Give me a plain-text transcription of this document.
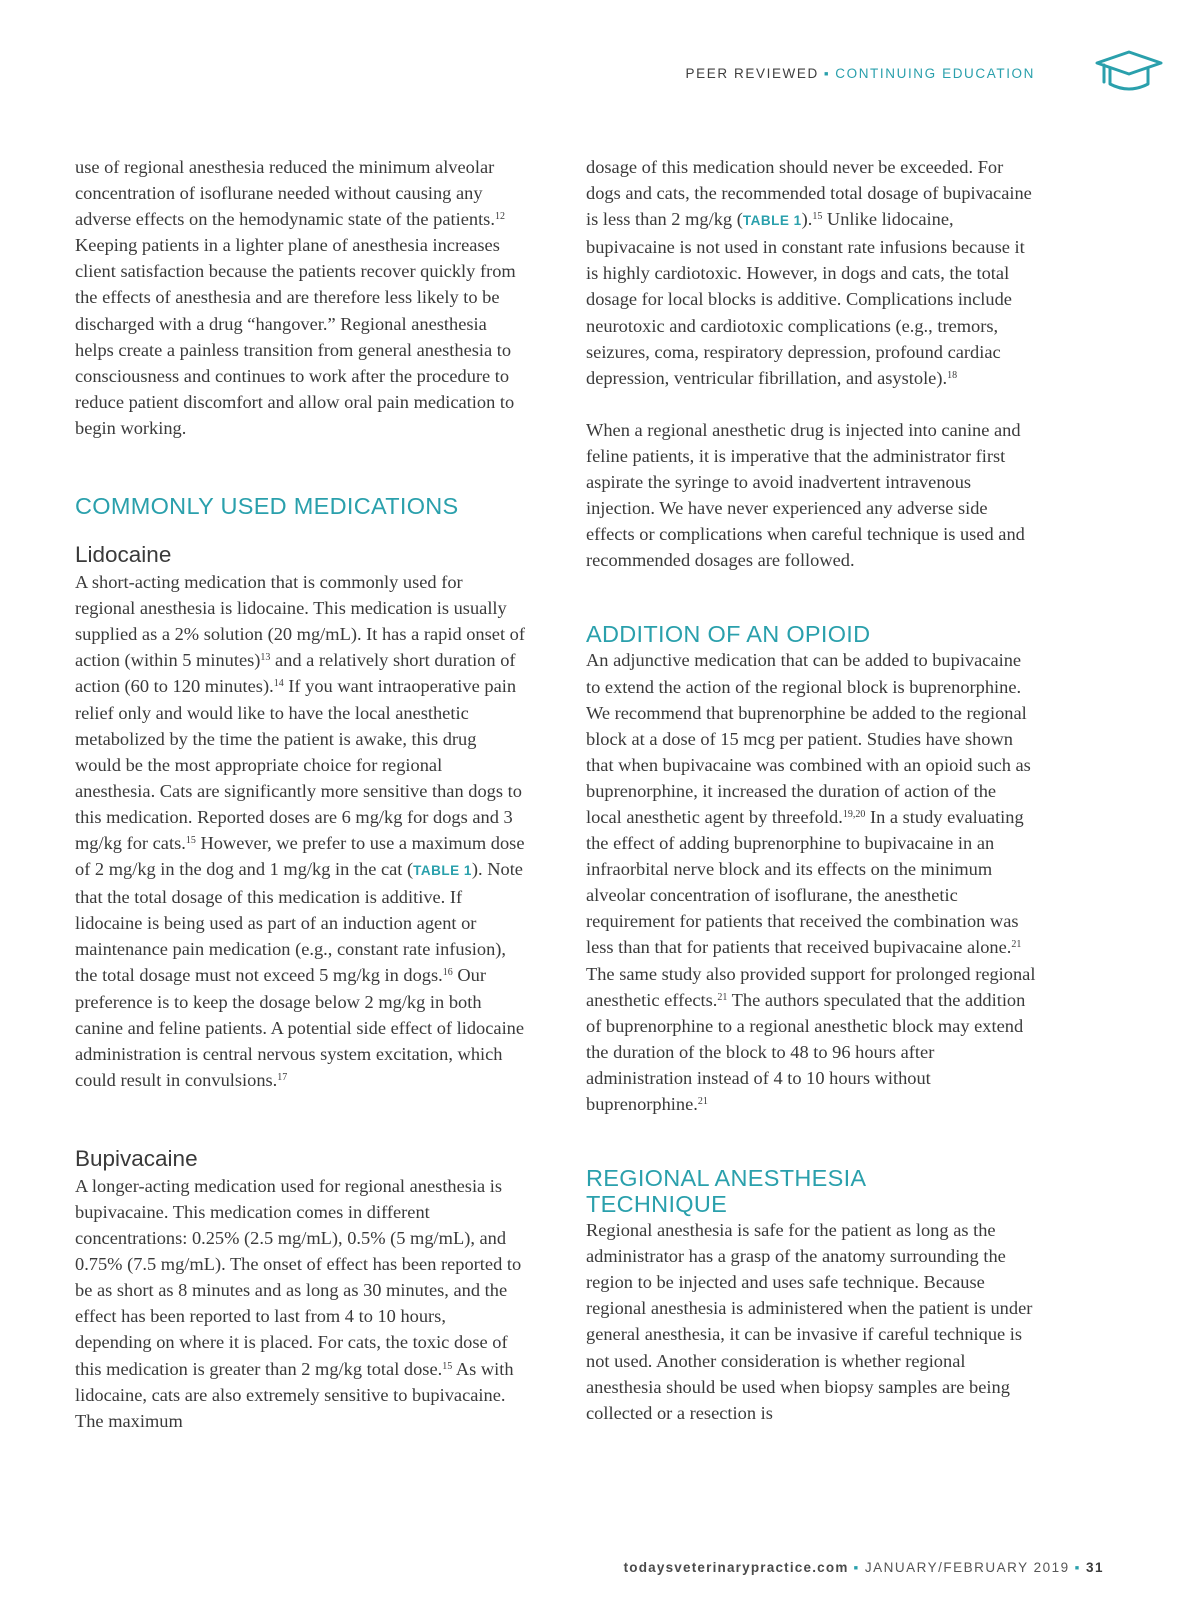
PEER REVIEWED ▪ CONTINUING EDUCATION

use of regional anesthesia reduced the minimum alveolar concentration of isoflurane needed without causing any adverse effects on the hemodynamic state of the patients.$^{12}$ Keeping patients in a lighter plane of anesthesia increases client satisfaction because the patients recover quickly from the effects of anesthesia and are therefore less likely to be discharged with a drug “hangover.” Regional anesthesia helps create a painless transition from general anesthesia to consciousness and continues to work after the procedure to reduce patient discomfort and allow oral pain medication to begin working.

COMMONLY USED MEDICATIONS
Lidocaine

A short-acting medication that is commonly used for regional anesthesia is lidocaine. This medication is usually supplied as a 2% solution (20 mg/mL). It has a rapid onset of action (within 5 minutes)$^{13}$ and a relatively short duration of action (60 to 120 minutes).$^{14}$ If you want intraoperative pain relief only and would like to have the local anesthetic metabolized by the time the patient is awake, this drug would be the most appropriate choice for regional anesthesia. Cats are significantly more sensitive than dogs to this medication. Reported doses are 6 mg/kg for dogs and 3 mg/kg for cats.$^{15}$ However, we prefer to use a maximum dose of 2 mg/kg in the dog and 1 mg/kg in the cat (TABLE 1). Note that the total dosage of this medication is additive. If lidocaine is being used as part of an induction agent or maintenance pain medication (e.g., constant rate infusion), the total dosage must not exceed 5 mg/kg in dogs.$^{16}$ Our preference is to keep the dosage below 2 mg/kg in both canine and feline patients. A potential side effect of lidocaine administration is central nervous system excitation, which could result in convulsions.$^{17}$

Bupivacaine

A longer-acting medication used for regional anesthesia is bupivacaine. This medication comes in different concentrations: 0.25% (2.5 mg/mL), 0.5% (5 mg/mL), and 0.75% (7.5 mg/mL). The onset of effect has been reported to be as short as 8 minutes and as long as 30 minutes, and the effect has been reported to last from 4 to 10 hours, depending on where it is placed. For cats, the toxic dose of this medication is greater than 2 mg/kg total dose.$^{15}$ As with lidocaine, cats are also extremely sensitive to bupivacaine. The maximum

dosage of this medication should never be exceeded. For dogs and cats, the recommended total dosage of bupivacaine is less than 2 mg/kg (TABLE 1).$^{15}$ Unlike lidocaine, bupivacaine is not used in constant rate infusions because it is highly cardiotoxic. However, in dogs and cats, the total dosage for local blocks is additive. Complications include neurotoxic and cardiotoxic complications (e.g., tremors, seizures, coma, respiratory depression, profound cardiac depression, ventricular fibrillation, and asystole).$^{18}$

When a regional anesthetic drug is injected into canine and feline patients, it is imperative that the administrator first aspirate the syringe to avoid inadvertent intravenous injection. We have never experienced any adverse side effects or complications when careful technique is used and recommended dosages are followed.

ADDITION OF AN OPIOID

An adjunctive medication that can be added to bupivacaine to extend the action of the regional block is buprenorphine. We recommend that buprenorphine be added to the regional block at a dose of 15 mcg per patient. Studies have shown that when bupivacaine was combined with an opioid such as buprenorphine, it increased the duration of action of the local anesthetic agent by threefold.$^{19,20}$ In a study evaluating the effect of adding buprenorphine to bupivacaine in an infraorbital nerve block and its effects on the minimum alveolar concentration of isoflurane, the anesthetic requirement for patients that received the combination was less than that for patients that received bupivacaine alone.$^{21}$ The same study also provided support for prolonged regional anesthetic effects.$^{21}$ The authors speculated that the addition of buprenorphine to a regional anesthetic block may extend the duration of the block to 48 to 96 hours after administration instead of 4 to 10 hours without buprenorphine.$^{21}$

REGIONAL ANESTHESIA
TECHNIQUE

Regional anesthesia is safe for the patient as long as the administrator has a grasp of the anatomy surrounding the region to be injected and uses safe technique. Because regional anesthesia is administered when the patient is under general anesthesia, it can be invasive if careful technique is not used. Another consideration is whether regional anesthesia should be used when biopsy samples are being collected or a resection is

todaysveterinarypractice.com ▪ JANUARY/FEBRUARY 2019 ▪ 31
